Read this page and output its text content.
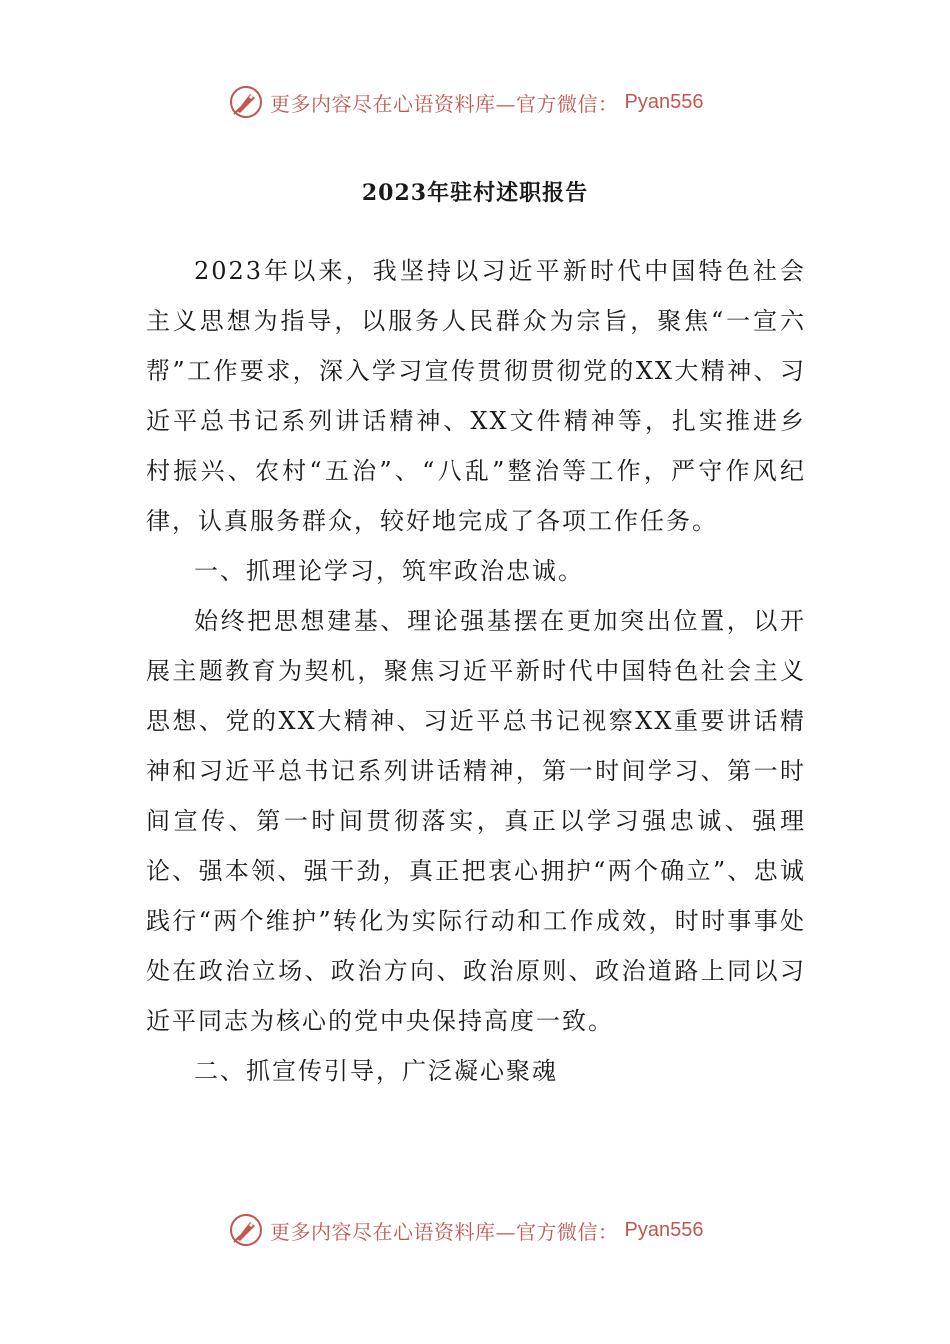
更多内容尽在心语资料库—官方微信： Pyan556
2023年驻村述职报告

2023年以来，我坚持以习近平新时代中国特色社会主义思想为指导，以服务人民群众为宗旨，聚焦“一宣六帮”工作要求，深入学习宣传贯彻贯彻党的XX大精神、习近平总书记系列讲话精神、XX文件精神等，扎实推进乡村振兴、农村“五治”、“八乱”整治等工作，严守作风纪律，认真服务群众，较好地完成了各项工作任务。

一、抓理论学习，筑牢政治忠诚。

始终把思想建基、理论强基摆在更加突出位置，以开展主题教育为契机，聚焦习近平新时代中国特色社会主义思想、党的XX大精神、习近平总书记视察XX重要讲话精神和习近平总书记系列讲话精神，第一时间学习、第一时间宣传、第一时间贯彻落实，真正以学习强忠诚、强理论、强本领、强干劲，真正把衷心拥护“两个确立”、忠诚践行“两个维护”转化为实际行动和工作成效，时时事事处处在政治立场、政治方向、政治原则、政治道路上同以习近平同志为核心的党中央保持高度一致。

二、抓宣传引导，广泛凝心聚魂

更多内容尽在心语资料库—官方微信： Pyan556
